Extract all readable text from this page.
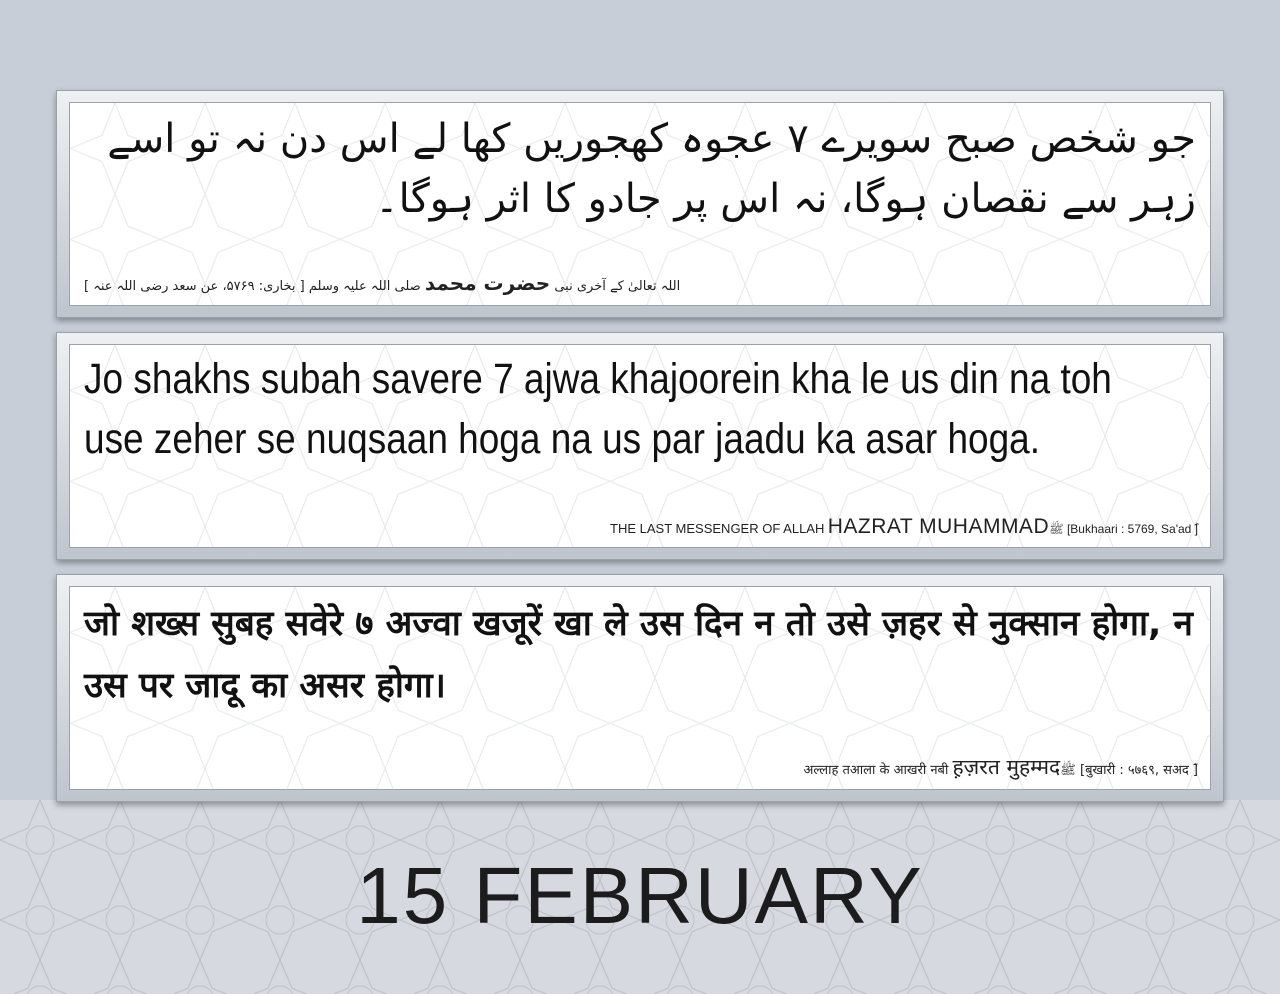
جو شخص صبح سویرے ۷ عجوہ کھجوریں کھا لے اس دن نہ تو اسے زہر سے نقصان ہوگا، نہ اس پر جادو کا اثر ہوگا۔
اللہ تعالیٰ کے آخری نبی حضرت محمد صلی اللہ علیہ وسلم [ بخاری: ۵۷۶۹، عن سعد رضی اللہ عنہ ]
Jo shakhs subah savere 7 ajwa khajoorein kha le us din na toh use zeher se nuqsaan hoga na us par jaadu ka asar hoga.
THE LAST MESSENGER OF ALLAH HAZRAT MUHAMMADﷺ [Bukhaari : 5769, Sa'ad ؓ]
जो शख्स सुबह सवेरे ७ अज्वा खजूरें खा ले उस दिन न तो उसे ज़हर से नुक्सान होगा, न उस पर जादू का असर होगा।
अल्लाह तआला के आखरी नबी ह़ज़रत मुहम्मदﷺ [बुखारी : ५७६९, सअद ؓ]
15 FEBRUARY
